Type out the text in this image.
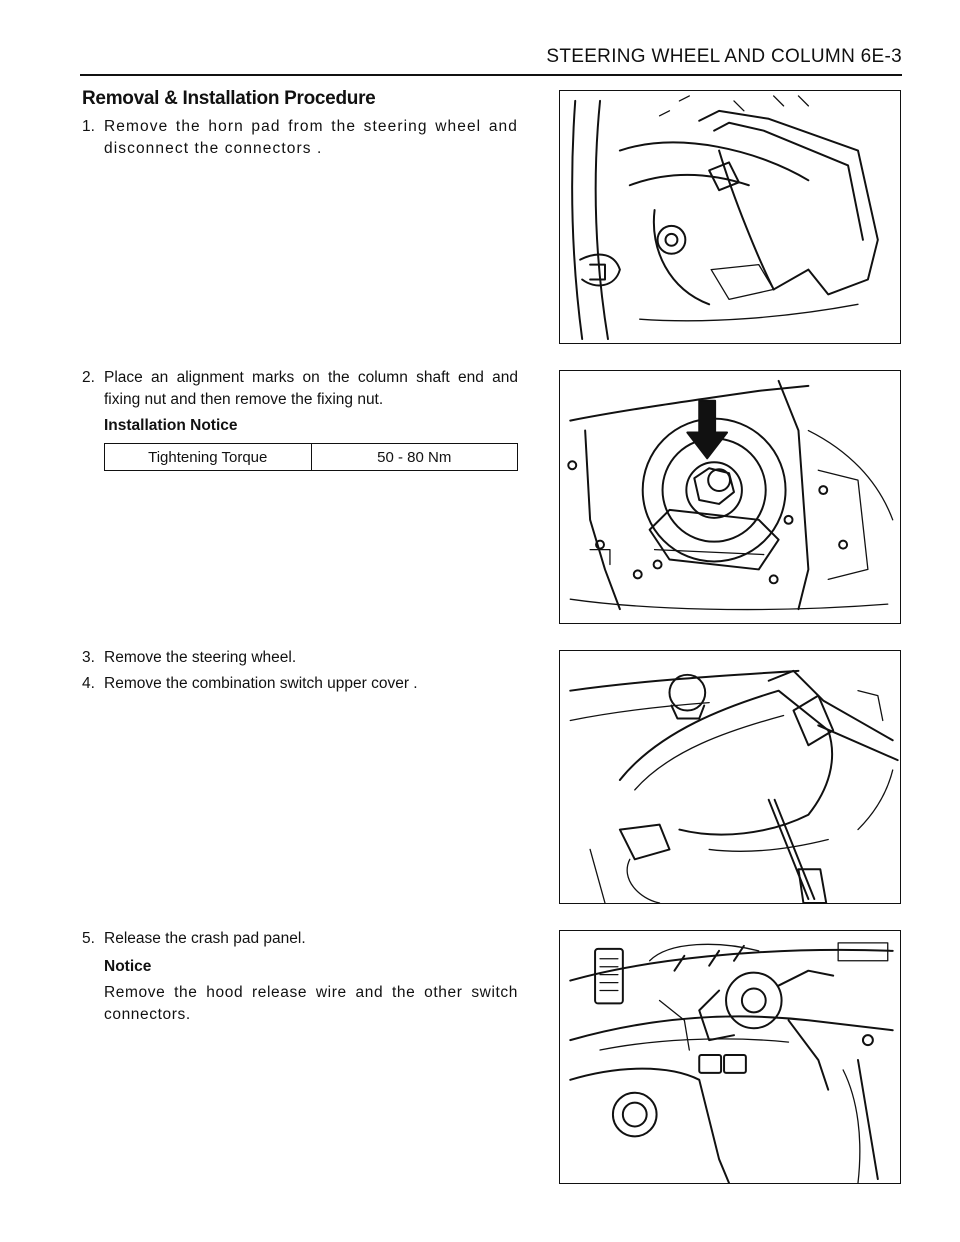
STEERING WHEEL AND COLUMN 6E-3
Removal & Installation Procedure
1. Remove the horn pad from the steering wheel and disconnect the connectors .
2. Place an alignment marks on the column shaft end and fixing nut and then remove the fixing nut.
Installation Notice
Tightening Torque	50 - 80 Nm
3. Remove the steering wheel.
4. Remove the combination switch upper cover .
5. Release the crash pad panel.
Notice
Remove the hood release wire and the other switch connectors.
